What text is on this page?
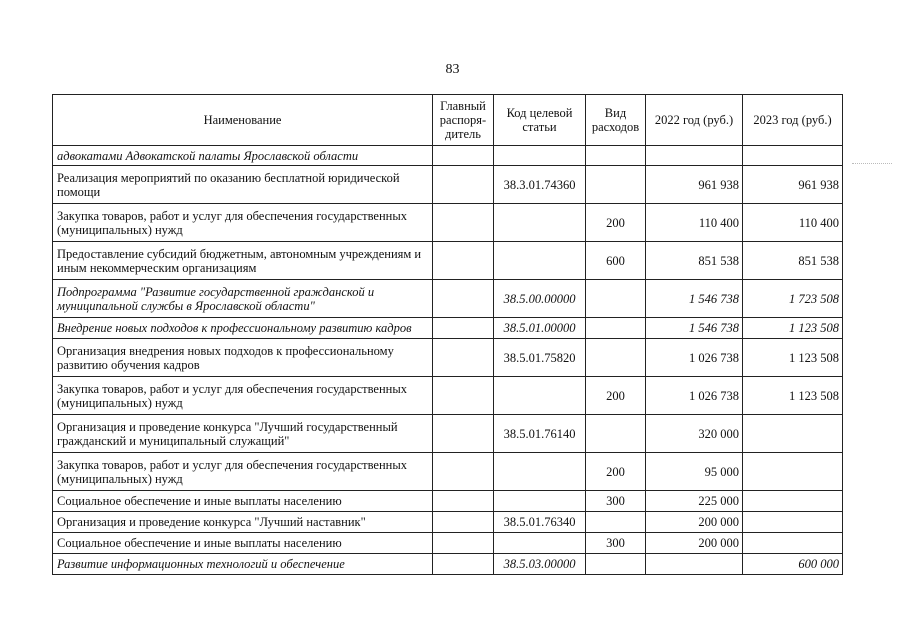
83
Наименование	Главный распоря-дитель	Код целевой статьи	Вид расходов	2022 год (руб.)	2023 год (руб.)
адвокатами Адвокатской палаты Ярославской области					
Реализация мероприятий по оказанию бесплатной юридической помощи		38.3.01.74360		961 938	961 938
Закупка товаров, работ и услуг для обеспечения государственных (муниципальных) нужд			200	110 400	110 400
Предоставление субсидий бюджетным, автономным учреждениям и иным некоммерческим организациям			600	851 538	851 538
Подпрограмма "Развитие государственной гражданской и муниципальной службы в Ярославской области"		38.5.00.00000		1 546 738	1 723 508
Внедрение новых подходов к профессиональному развитию кадров		38.5.01.00000		1 546 738	1 123 508
Организация внедрения новых подходов к профессиональному развитию обучения кадров		38.5.01.75820		1 026 738	1 123 508
Закупка товаров, работ и услуг для обеспечения государственных (муниципальных) нужд			200	1 026 738	1 123 508
Организация и проведение конкурса "Лучший государственный гражданский и муниципальный служащий"		38.5.01.76140		320 000	
Закупка товаров, работ и услуг для обеспечения государственных (муниципальных) нужд			200	95 000	
Социальное обеспечение и иные выплаты населению			300	225 000	
Организация и проведение конкурса "Лучший наставник"		38.5.01.76340		200 000	
Социальное обеспечение и иные выплаты населению			300	200 000	
Развитие информационных технологий и обеспечение		38.5.03.00000			600 000
